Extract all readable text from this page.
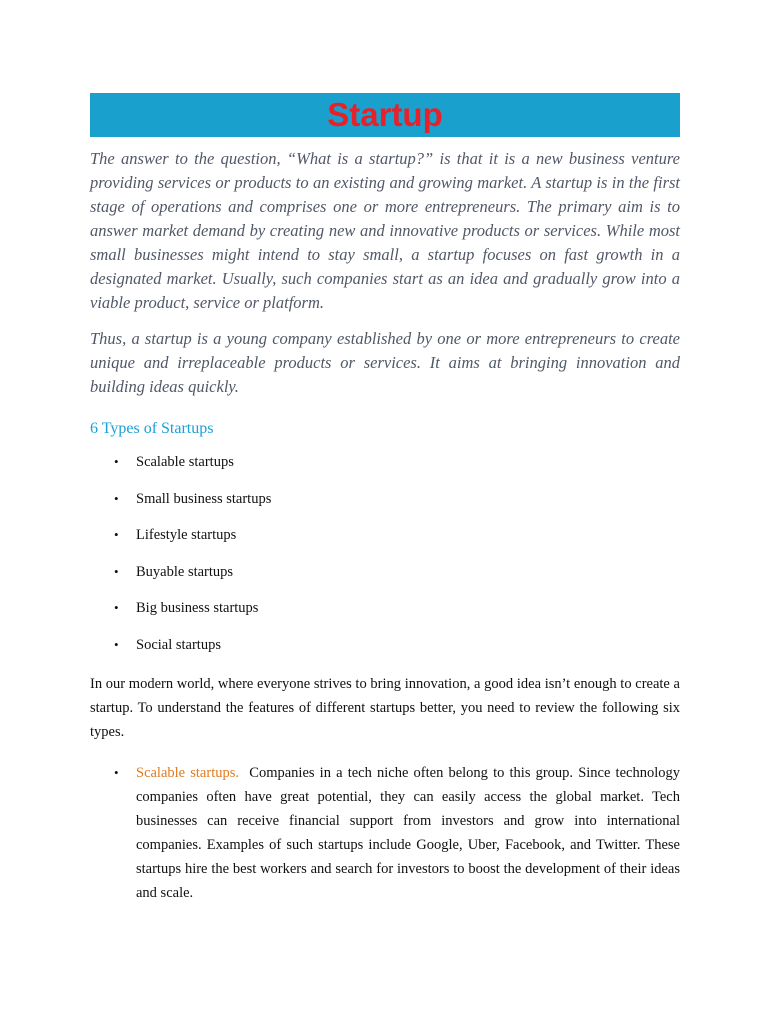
Startup

The answer to the question, “What is a startup?” is that it is a new business venture providing services or products to an existing and growing market. A startup is in the first stage of operations and comprises one or more entrepreneurs. The primary aim is to answer market demand by creating new and innovative products or services. While most small businesses might intend to stay small, a startup focuses on fast growth in a designated market. Usually, such companies start as an idea and gradually grow into a viable product, service or platform.

Thus, a startup is a young company established by one or more entrepreneurs to create unique and irreplaceable products or services. It aims at bringing innovation and building ideas quickly.

6 Types of Startups
• Scalable startups
• Small business startups
• Lifestyle startups
• Buyable startups
• Big business startups
• Social startups

In our modern world, where everyone strives to bring innovation, a good idea isn’t enough to create a startup. To understand the features of different startups better, you need to review the following six types.

• Scalable startups.  Companies in a tech niche often belong to this group. Since technology companies often have great potential, they can easily access the global market. Tech businesses can receive financial support from investors and grow into international companies. Examples of such startups include Google, Uber, Facebook, and Twitter. These startups hire the best workers and search for investors to boost the development of their ideas and scale.
